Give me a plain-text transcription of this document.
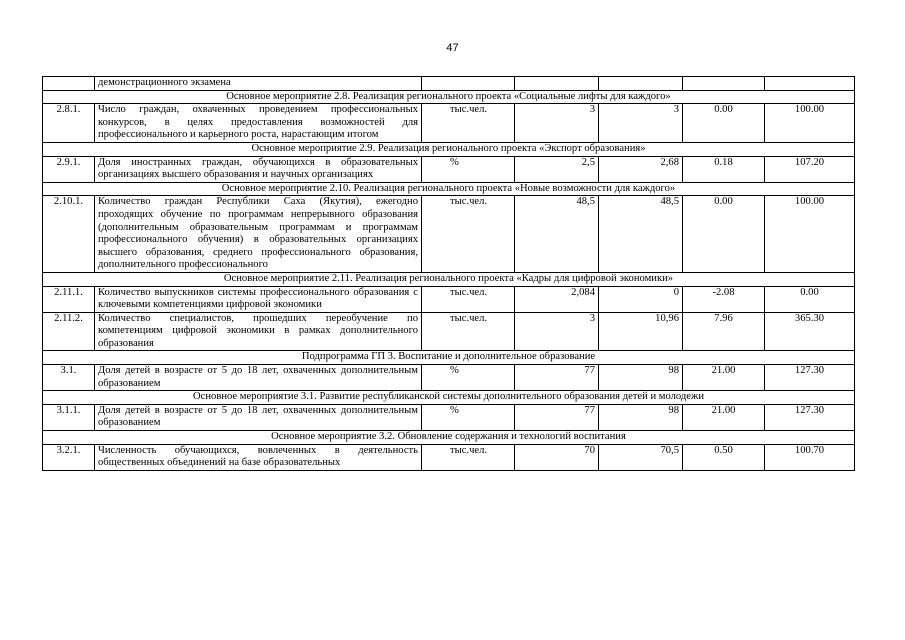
47
	демонстрационного экзамена					
Основное мероприятие 2.8. Реализация регионального проекта «Социальные лифты для каждого»						
2.8.1.	Число граждан, охваченных проведением профессиональных конкурсов, в целях предоставления возможностей для профессионального и карьерного роста, нарастающим итогом	тыс.чел.	3	3	0.00	100.00
Основное мероприятие 2.9. Реализация регионального проекта «Экспорт образования»						
2.9.1.	Доля иностранных граждан, обучающихся в образовательных организациях высшего образования и научных организациях	%	2,5	2,68	0.18	107.20
Основное мероприятие 2.10. Реализация регионального проекта «Новые возможности для каждого»						
2.10.1.	Количество граждан Республики Саха (Якутия), ежегодно проходящих обучение по программам непрерывного образования (дополнительным образовательным программам и программам профессионального обучения) в образовательных организациях высшего образования, среднего профессионального образования, дополнительного профессионального	тыс.чел.	48,5	48,5	0.00	100.00
Основное мероприятие 2.11. Реализация регионального проекта «Кадры для цифровой экономики»						
2.11.1.	Количество выпускников системы профессионального образования с ключевыми компетенциями цифровой экономики	тыс.чел.	2,084	0	-2.08	0.00
2.11.2.	Количество специалистов, прошедших переобучение по компетенциям цифровой экономики в рамках дополнительного образования	тыс.чел.	3	10,96	7.96	365.30
Подпрограмма ГП 3. Воспитание и дополнительное образование						
3.1.	Доля детей в возрасте от 5 до 18 лет, охваченных дополнительным образованием	%	77	98	21.00	127.30
Основное мероприятие 3.1. Развитие республиканской системы дополнительного образования детей и молодежи						
3.1.1.	Доля детей в возрасте от 5 до 18 лет, охваченных дополнительным образованием	%	77	98	21.00	127.30
Основное мероприятие 3.2. Обновление содержания и технологий воспитания						
3.2.1.	Численность обучающихся, вовлеченных в деятельность общественных объединений на базе образовательных	тыс.чел.	70	70,5	0.50	100.70
